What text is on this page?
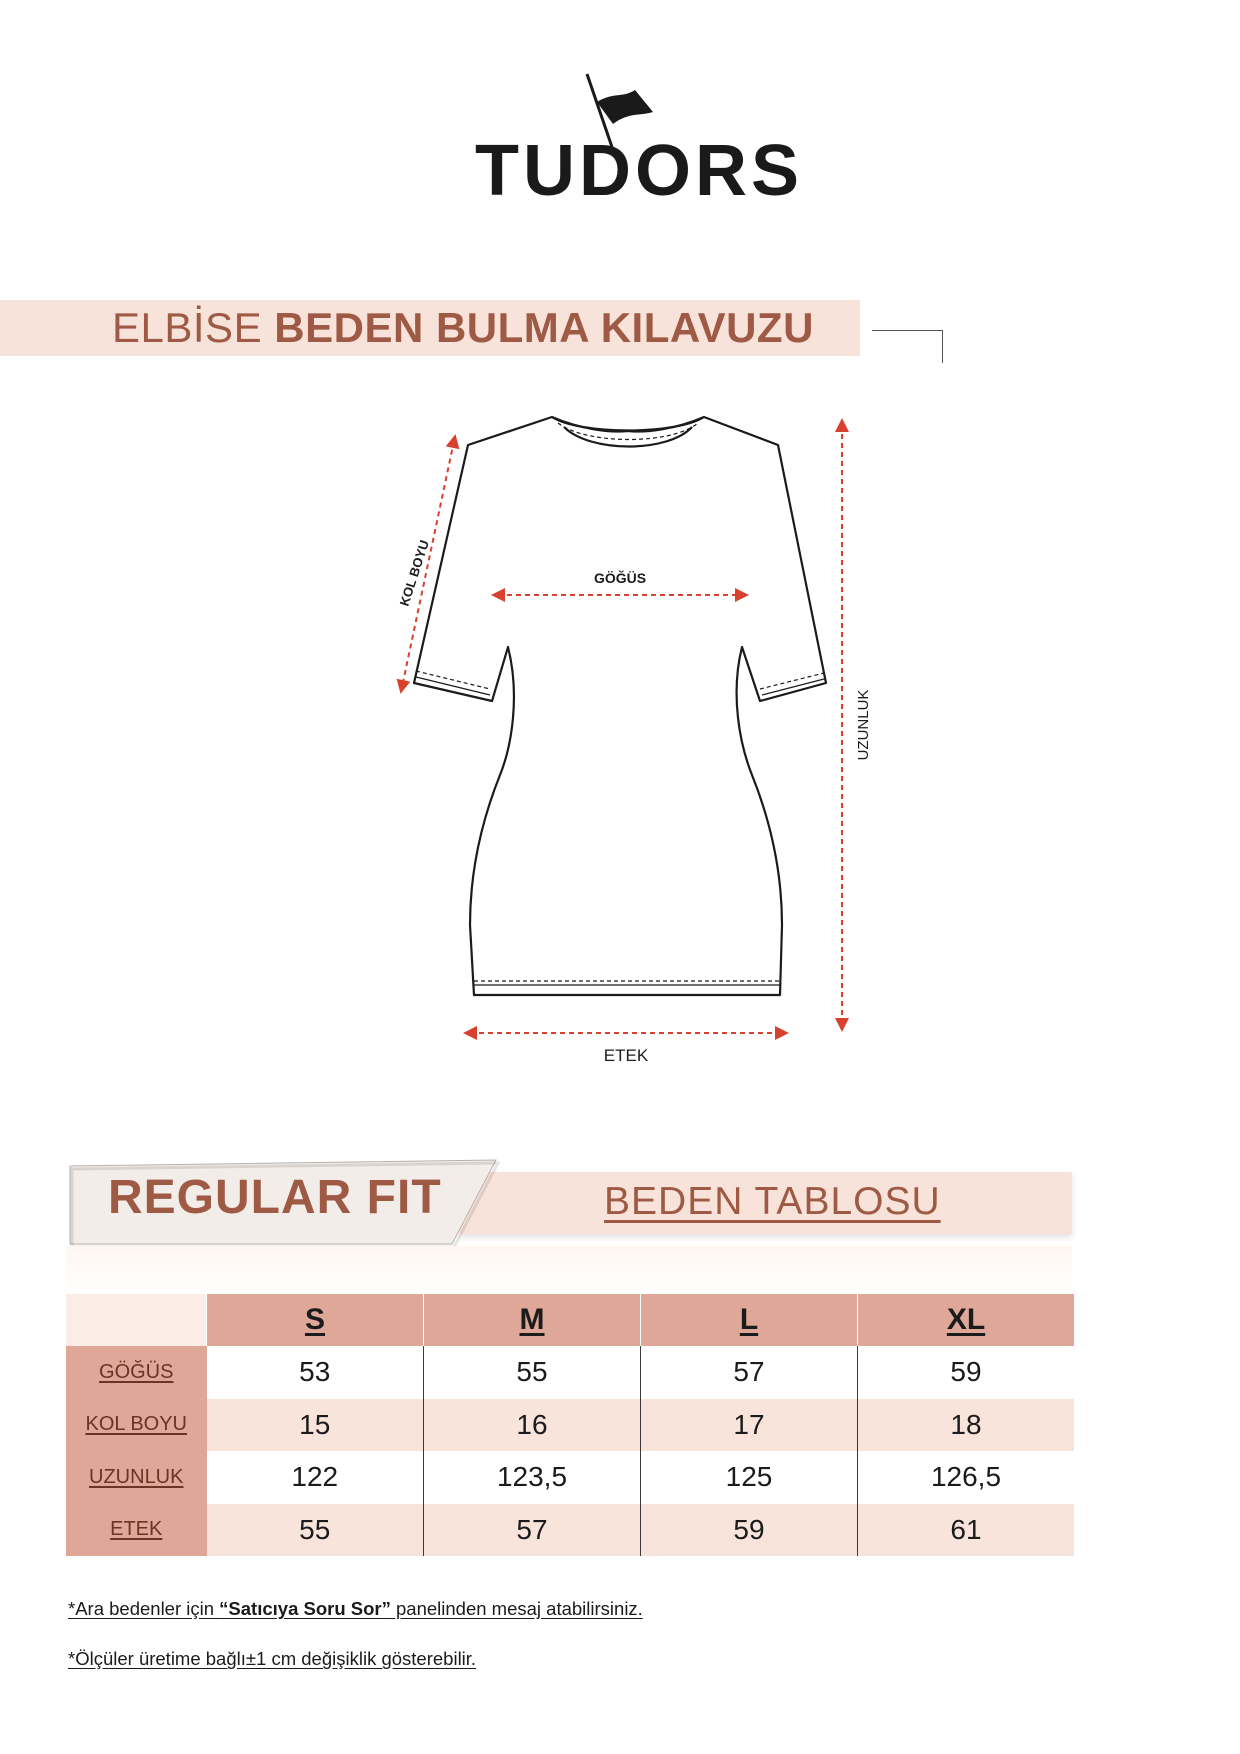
TUDORS
ELBİSE BEDEN BULMA KILAVUZU
KOL BOYU	GÖĞÜS
UZUNLUK
ETEK
REGULAR FIT	BEDEN TABLOSU
	S	M	L	XL
GÖĞÜS	53	55	57	59
KOL BOYU	15	16	17	18
UZUNLUK	122	123,5	125	126,5
ETEK	55	57	59	61
*Ara bedenler için “Satıcıya Soru Sor” panelinden mesaj atabilirsiniz.
*Ölçüler üretime bağlı±1 cm değişiklik gösterebilir.
